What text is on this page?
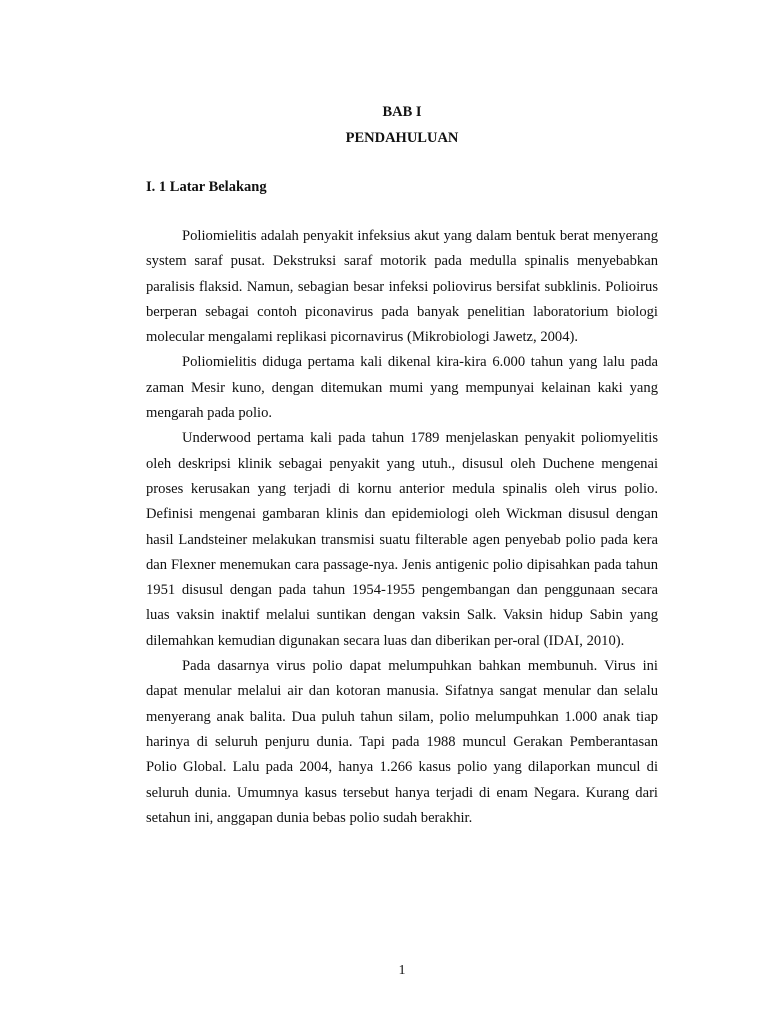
BAB I

PENDAHULUAN

I. 1 Latar Belakang

Poliomielitis adalah penyakit infeksius akut yang dalam bentuk berat menyerang system saraf pusat. Dekstruksi saraf motorik pada medulla spinalis menyebabkan paralisis flaksid. Namun, sebagian besar infeksi poliovirus bersifat subklinis. Polioirus berperan sebagai contoh piconavirus pada banyak penelitian laboratorium biologi molecular mengalami replikasi picornavirus (Mikrobiologi Jawetz, 2004).

Poliomielitis diduga pertama kali dikenal kira-kira 6.000 tahun yang lalu pada zaman Mesir kuno, dengan ditemukan mumi yang mempunyai kelainan kaki yang mengarah pada polio.

Underwood pertama kali pada tahun 1789 menjelaskan penyakit poliomyelitis oleh deskripsi klinik sebagai penyakit yang utuh., disusul oleh Duchene mengenai proses kerusakan yang terjadi di kornu anterior medula spinalis oleh virus polio. Definisi mengenai gambaran klinis dan epidemiologi oleh Wickman disusul dengan hasil Landsteiner melakukan transmisi suatu filterable agen penyebab polio pada kera dan Flexner menemukan cara passage-nya. Jenis antigenic polio dipisahkan pada tahun 1951 disusul dengan pada tahun 1954-1955 pengembangan dan penggunaan secara luas vaksin inaktif melalui suntikan dengan vaksin Salk. Vaksin hidup Sabin yang dilemahkan kemudian digunakan secara luas dan diberikan per-oral (IDAI, 2010).

Pada dasarnya virus polio dapat melumpuhkan bahkan membunuh. Virus ini dapat menular melalui air dan kotoran manusia. Sifatnya sangat menular dan selalu menyerang anak balita. Dua puluh tahun silam, polio melumpuhkan 1.000 anak tiap harinya di seluruh penjuru dunia. Tapi pada 1988 muncul Gerakan Pemberantasan Polio Global. Lalu pada 2004, hanya 1.266 kasus polio yang dilaporkan muncul di seluruh dunia. Umumnya kasus tersebut hanya terjadi di enam Negara. Kurang dari setahun ini, anggapan dunia bebas polio sudah berakhir.

1
